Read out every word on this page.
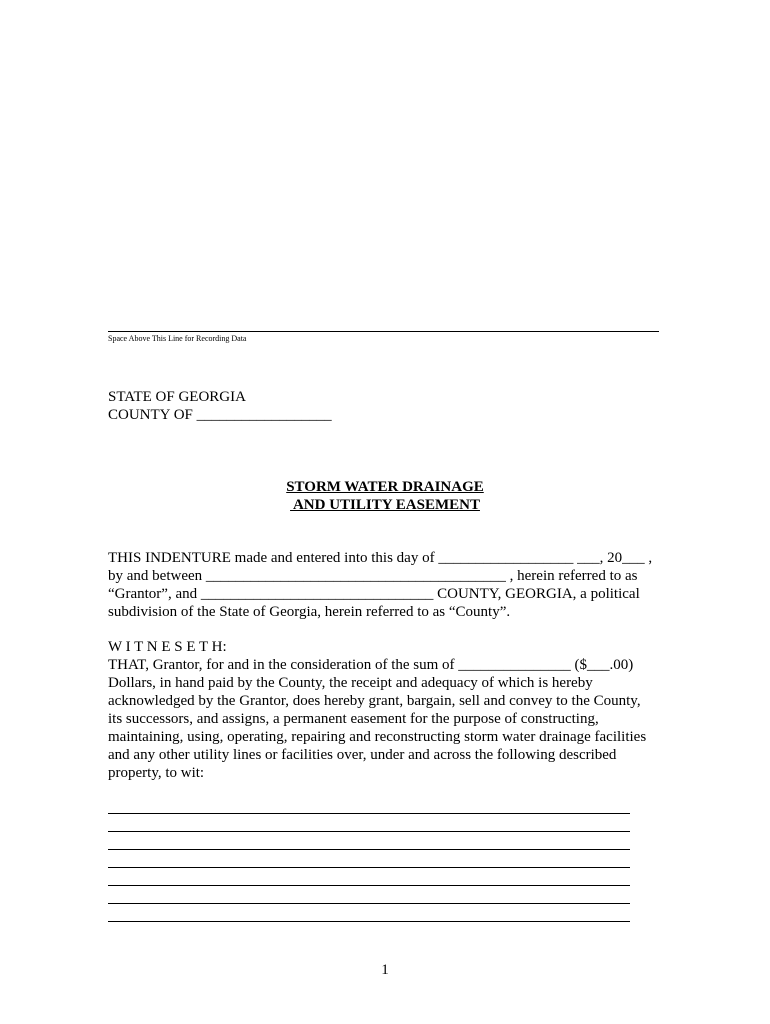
Space Above This Line for Recording Data
STATE OF GEORGIA
COUNTY OF __________________
STORM WATER DRAINAGE
AND UTILITY EASEMENT
THIS INDENTURE made and entered into this day of __________________ ___, 20___ ,
by and between ________________________________________ , herein referred to as
“Grantor”, and _______________________________ COUNTY, GEORGIA, a political
subdivision of the State of Georgia, herein referred to as “County”.
W I T N E S E T H:
THAT, Grantor, for and in the consideration of the sum of _______________ ($___.00)
Dollars, in hand paid by the County, the receipt and adequacy of which is hereby
acknowledged by the Grantor, does hereby grant, bargain, sell and convey to the County,
its successors, and assigns, a permanent easement for the purpose of constructing,
maintaining, using, operating, repairing and reconstructing storm water drainage facilities
and any other utility lines or facilities over, under and across the following described
property, to wit:
1
